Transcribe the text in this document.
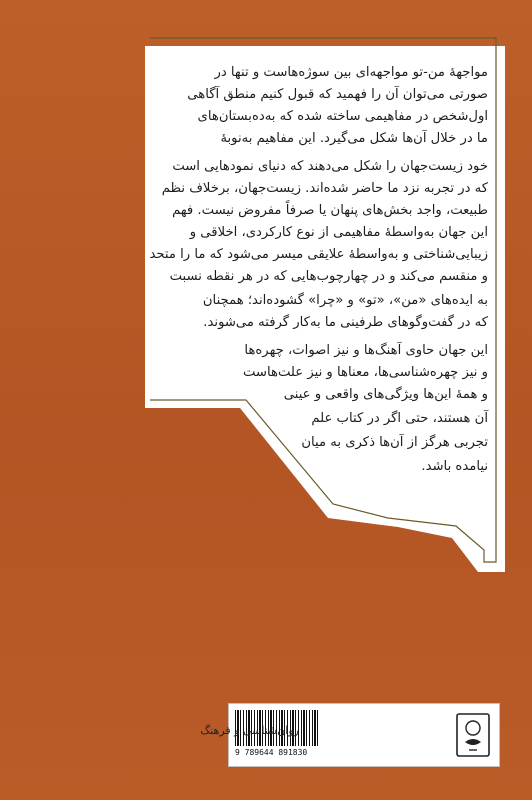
مواجهۀ من-تو مواجهه‌ای بین سوژه‌هاست و تنها در
صورتی می‌توان آن را فهمید که قبول کنیم منطق آگاهی
اول‌شخص در مفاهیمی ساخته شده که به‌دەبستان‌های
ما در خلال آن‌ها شکل می‌گیرد. این مفاهیم به‌نوبۀ
خود زیست‌جهان را شکل می‌دهند که دنیای نمودهایی است
که در تجربه نزد ما حاضر شده‌اند. زیست‌جهان، برخلاف نظم
طبیعت، واجد بخش‌های پنهان یا صرفاً مفروض نیست. فهم
این جهان به‌واسطۀ مفاهیمی از نوع کارکردی، اخلاقی و
زیبایی‌شناختی و به‌واسطۀ علایقی میسر می‌شود که ما را متحد
و منقسم می‌کند و در چهارچوب‌هایی که در هر نقطه نسبت
به ایده‌های «من»، «تو» و «چرا» گشوده‌اند؛ همچنان
که در گفت‌وگوهای طرفینی ما به‌کار گرفته می‌شوند.
این جهان حاوی آهنگ‌ها و نیز اصوات، چهره‌ها
و نیز چهره‌شناسی‌ها، معناها و نیز علت‌هاست
و همۀ این‌ها ویژگی‌های واقعی و عینی
آن هستند، حتی اگر در کتاب علم
تجربی هرگز از آن‌ها ذکری به میان
نیامده باشد.
9 789644 891830
روان‌شناسی و فرهنگ
